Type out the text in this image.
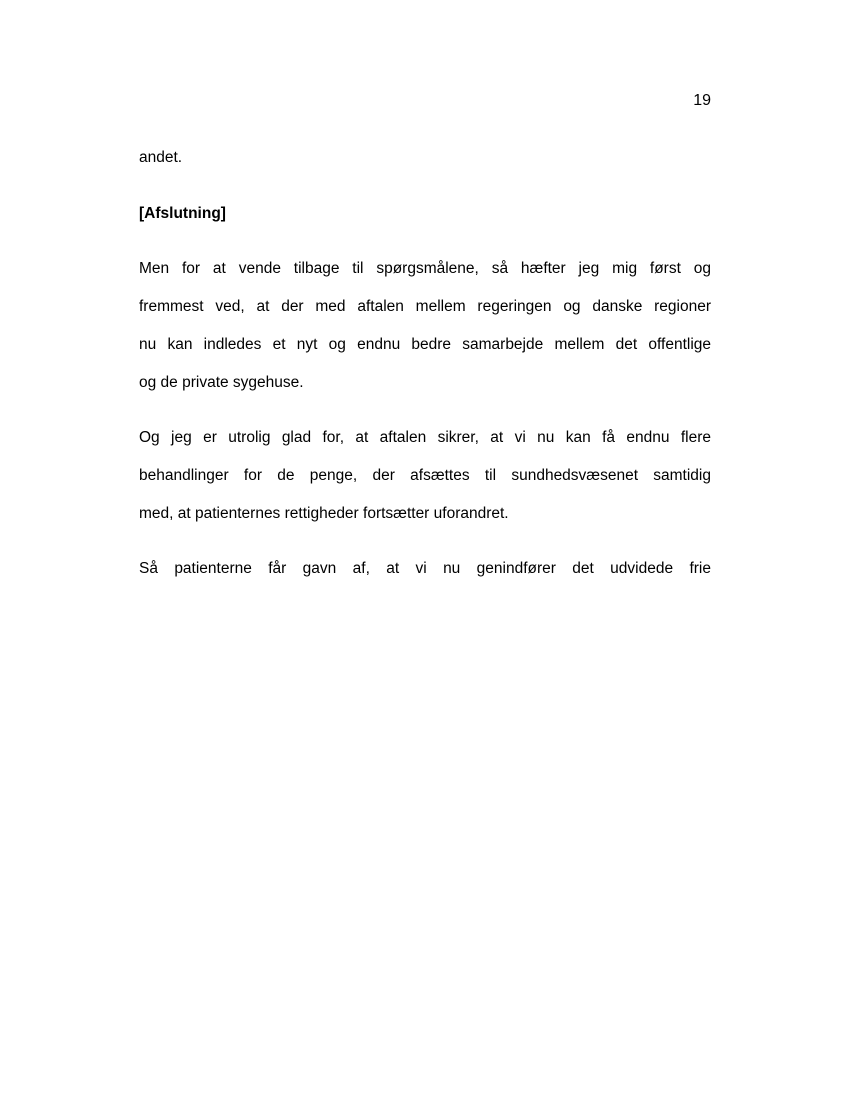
19
andet.
[Afslutning]
Men for at vende tilbage til spørgsmålene, så hæfter jeg mig først og
fremmest ved, at der med aftalen mellem regeringen og danske regioner
nu kan indledes et nyt og endnu bedre samarbejde mellem det offentlige
og de private sygehuse.
Og jeg er utrolig glad for, at aftalen sikrer, at vi nu kan få endnu flere
behandlinger for de penge, der afsættes til sundhedsvæsenet samtidig
med, at patienternes rettigheder fortsætter uforandret.
Så patienterne får gavn af, at vi nu genindfører det udvidede frie
